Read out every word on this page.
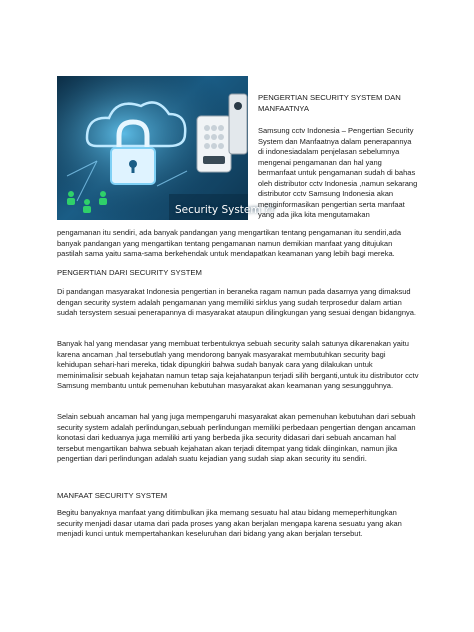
Security System ??
PENGERTIAN SECURITY SYSTEM DAN MANFAATNYA

Samsung cctv Indonesia – Pengertian Security System dan Manfaatnya dalam penerapannya di indonesiadalam penjelasan sebelumnya mengenai pengamanan dan hal yang bermanfaat untuk pengamanan sudah di bahas oleh distributor cctv Indonesia ,namun sekarang distributor cctv Samsung Indonesia akan menginformasikan pengertian serta manfaat yang ada jika kita mengutamakan

pengamanan itu sendiri, ada banyak pandangan yang mengartikan tentang pengamanan itu sendiri,ada banyak pandangan yang mengartikan tentang pengamanan namun demikian manfaat yang ditujukan pastilah sama yaitu sama-sama berkehendak untuk mendapatkan keamanan yang lebih bagi mereka.

PENGERTIAN DARI SECURITY SYSTEM

Di pandangan masyarakat Indonesia pengertian in beraneka ragam namun pada dasarnya yang dimaksud dengan security system adalah pengamanan yang memiliki sirklus yang sudah terprosedur dalam artian sudah tersystem sesuai penerapannya di masyarakat ataupun dilingkungan yang sesuai dengan bidangnya.

Banyak hal yang mendasar yang membuat terbentuknya sebuah security salah satunya dikarenakan yaitu karena ancaman ,hal tersebutlah yang mendorong banyak masyarakat membutuhkan security bagi kehidupan sehari-hari mereka, tidak dipungkiri bahwa sudah banyak cara yang dilakukan untuk meminimalisir sebuah kejahatan namun tetap saja kejahatanpun terjadi silih berganti,untuk itu distributor cctv Samsung membantu untuk pemenuhan kebutuhan masyarakat akan keamanan yang sesungguhnya.

Selain sebuah ancaman hal yang juga mempengaruhi masyarakat akan pemenuhan kebutuhan dari sebuah security system adalah perlindungan,sebuah perlindungan memiliki perbedaan pengertian dengan ancaman konotasi dari keduanya juga memiliki arti yang berbeda jika security didasari dari sebuah ancaman hal tersebut mengartikan bahwa sebuah kejahatan akan terjadi ditempat yang tidak diinginkan, namun jika pengertian dari perlindungan adalah suatu kejadian yang sudah siap akan security itu sendiri.

MANFAAT SECURITY SYSTEM

Begitu banyaknya manfaat yang ditimbulkan jika memang sesuatu hal atau bidang memeperhitungkan security menjadi dasar utama dari pada proses yang akan berjalan mengapa karena sesuatu yang akan menjadi kunci untuk mempertahankan keseluruhan dari bidang yang akan berjalan tersebut.
